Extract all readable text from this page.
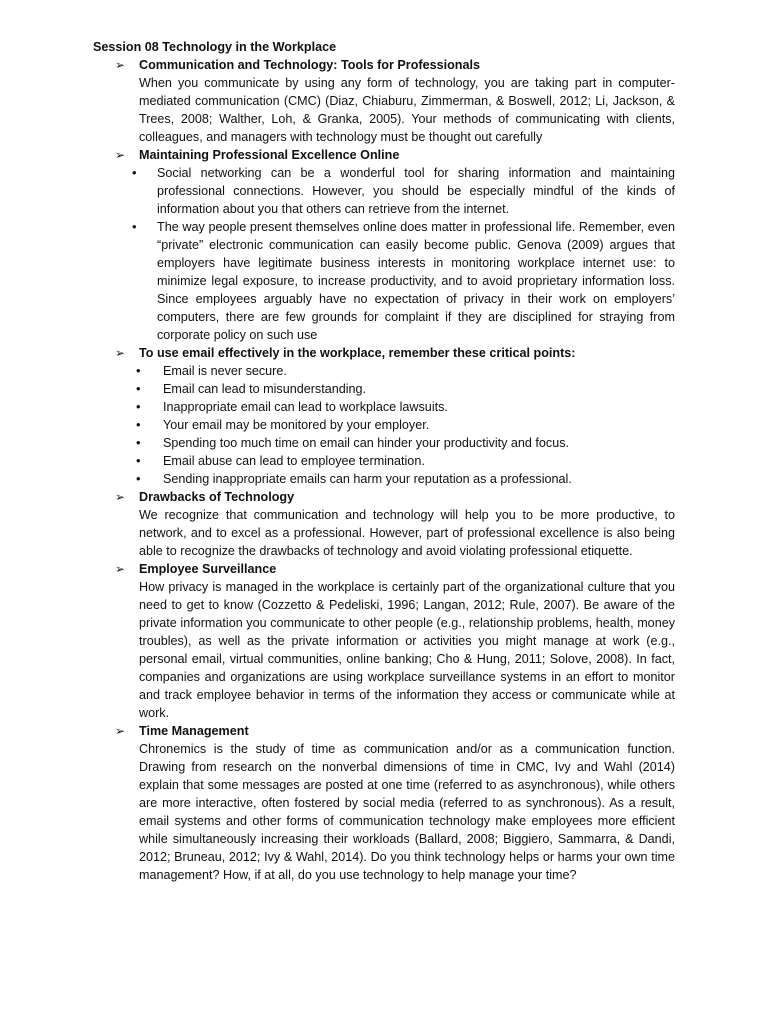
Session 08 Technology in the Workplace
➢ Communication and Technology: Tools for Professionals
When you communicate by using any form of technology, you are taking part in computer-mediated communication (CMC) (Diaz, Chiaburu, Zimmerman, & Boswell, 2012; Li, Jackson, & Trees, 2008; Walther, Loh, & Granka, 2005). Your methods of communicating with clients, colleagues, and managers with technology must be thought out carefully
➢ Maintaining Professional Excellence Online
• Social networking can be a wonderful tool for sharing information and maintaining professional connections. However, you should be especially mindful of the kinds of information about you that others can retrieve from the internet.
• The way people present themselves online does matter in professional life. Remember, even “private” electronic communication can easily become public. Genova (2009) argues that employers have legitimate business interests in monitoring workplace internet use: to minimize legal exposure, to increase productivity, and to avoid proprietary information loss. Since employees arguably have no expectation of privacy in their work on employers’ computers, there are few grounds for complaint if they are disciplined for straying from corporate policy on such use
➢ To use email effectively in the workplace, remember these critical points:
• Email is never secure.
• Email can lead to misunderstanding.
• Inappropriate email can lead to workplace lawsuits.
• Your email may be monitored by your employer.
• Spending too much time on email can hinder your productivity and focus.
• Email abuse can lead to employee termination.
• Sending inappropriate emails can harm your reputation as a professional.
➢ Drawbacks of Technology
We recognize that communication and technology will help you to be more productive, to network, and to excel as a professional. However, part of professional excellence is also being able to recognize the drawbacks of technology and avoid violating professional etiquette.
➢ Employee Surveillance
How privacy is managed in the workplace is certainly part of the organizational culture that you need to get to know (Cozzetto & Pedeliski, 1996; Langan, 2012; Rule, 2007). Be aware of the private information you communicate to other people (e.g., relationship problems, health, money troubles), as well as the private information or activities you might manage at work (e.g., personal email, virtual communities, online banking; Cho & Hung, 2011; Solove, 2008). In fact, companies and organizations are using workplace surveillance systems in an effort to monitor and track employee behavior in terms of the information they access or communicate while at work.
➢ Time Management
Chronemics is the study of time as communication and/or as a communication function. Drawing from research on the nonverbal dimensions of time in CMC, Ivy and Wahl (2014) explain that some messages are posted at one time (referred to as asynchronous), while others are more interactive, often fostered by social media (referred to as synchronous). As a result, email systems and other forms of communication technology make employees more efficient while simultaneously increasing their workloads (Ballard, 2008; Biggiero, Sammarra, & Dandi, 2012; Bruneau, 2012; Ivy & Wahl, 2014). Do you think technology helps or harms your own time management? How, if at all, do you use technology to help manage your time?
